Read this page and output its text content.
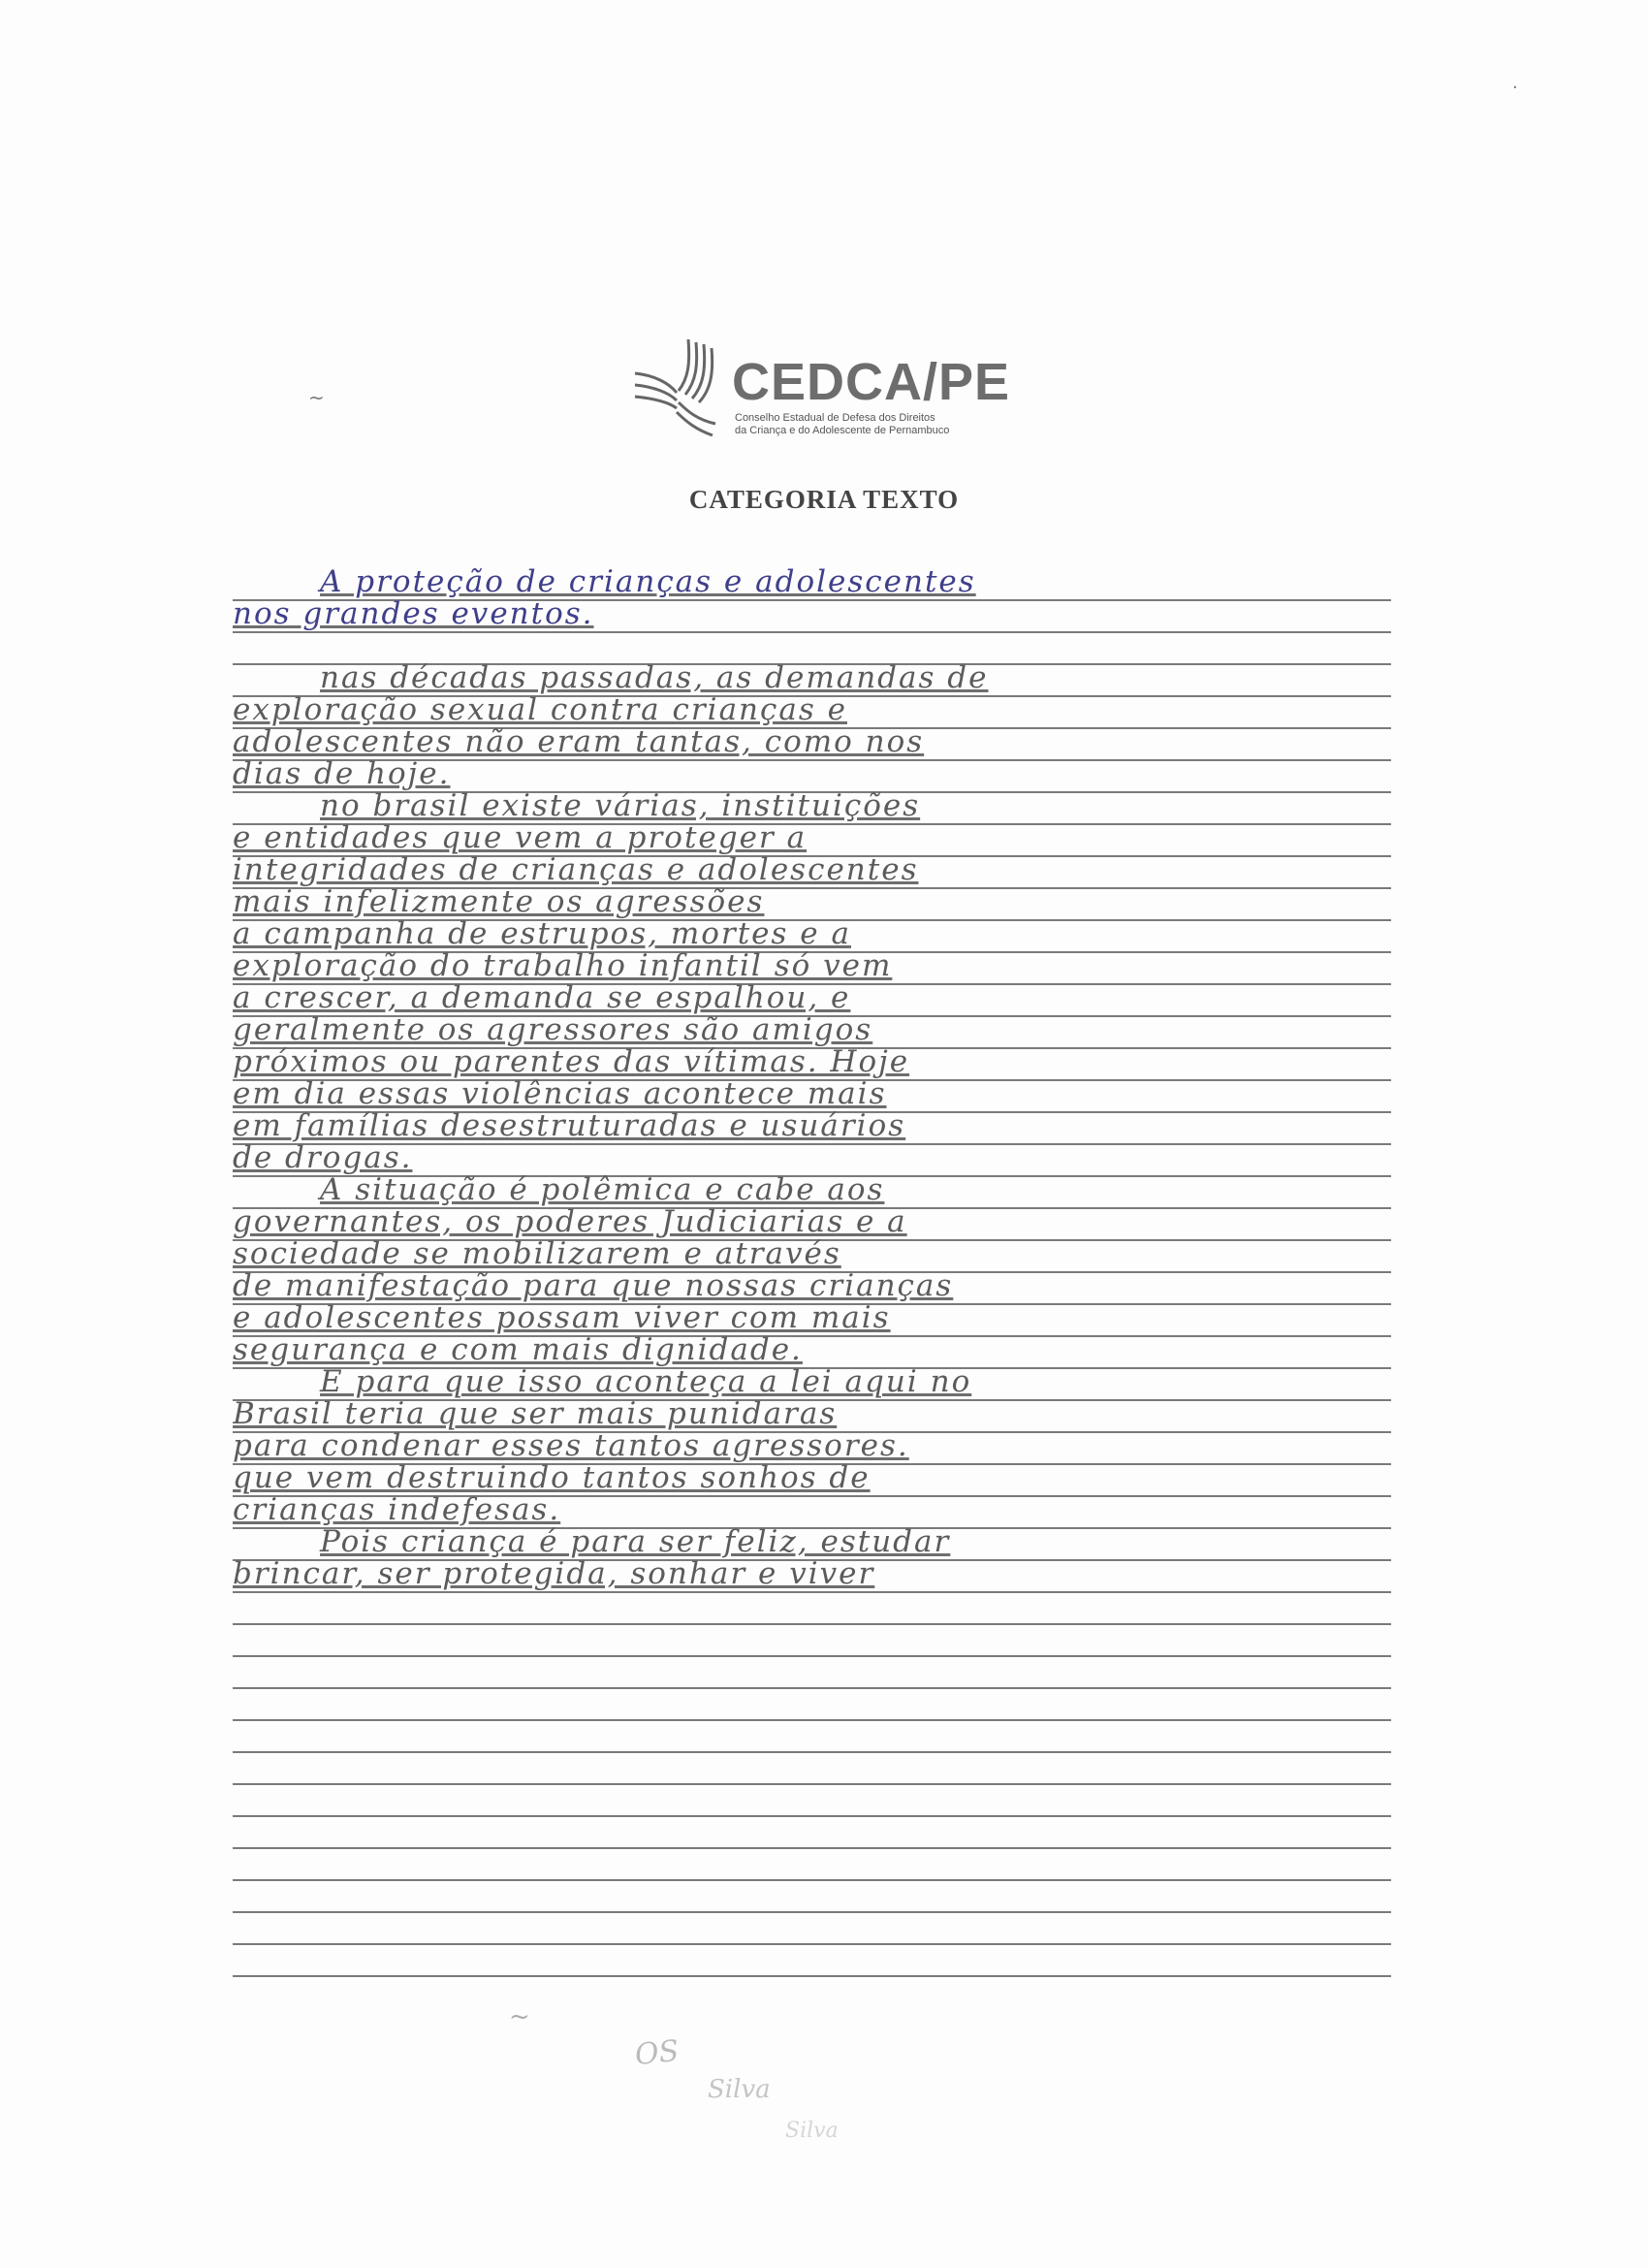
CEDCA/PE
Conselho Estadual de Defesa dos Direitos
da Criança e do Adolescente de Pernambuco
CATEGORIA TEXTO
A proteção de crianças e adolescentes
nos grandes eventos.
nas décadas passadas, as demandas de
exploração sexual contra crianças e
adolescentes não eram tantas, como nos
dias de hoje.
no brasil existe várias, instituições
e entidades que vem a proteger a
integridades de crianças e adolescentes
mais infelizmente os agressões
a campanha de estrupos, mortes e a
exploração do trabalho infantil só vem
a crescer, a demanda se espalhou, e
geralmente os agressores são amigos
próximos ou parentes das vítimas. Hoje
em dia essas violências acontece mais
em famílias desestruturadas e usuários
de drogas.
A situação é polêmica e cabe aos
governantes, os poderes Judiciarias e a
sociedade se mobilizarem e através
de manifestação para que nossas crianças
e adolescentes possam viver com mais
segurança e com mais dignidade.
E para que isso aconteça a lei aqui no
Brasil teria que ser mais punidaras
para condenar esses tantos agressores.
que vem destruindo tantos sonhos de
crianças indefesas.
Pois criança é para ser feliz, estudar
brincar, ser protegida, sonhar e viver
~
·
~
OS
Silva
Silva
